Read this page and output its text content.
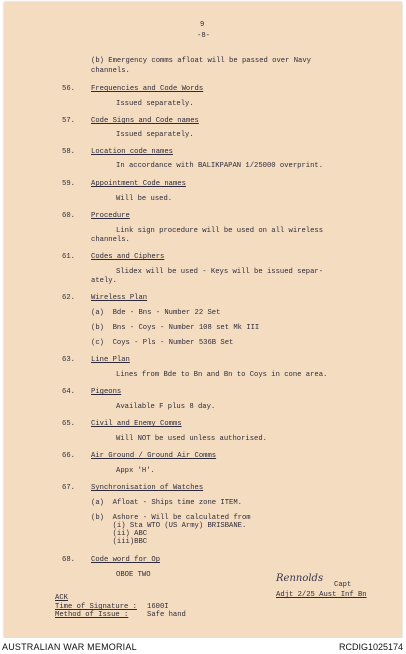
9
-8-
(b) Emergency comms afloat will be passed over Navy
channels.
56. Frequencies and Code Words
Issued separately.
57. Code Signs and Code names
Issued separately.
58. Location code names
In accordance with BALIKPAPAN 1/25000 overprint.
59. Appointment Code names
Will be used.
60. Procedure
Link sign procedure will be used on all wireless
channels.
61. Codes and Ciphers
Slidex will be used - Keys will be issued separ-
ately.
62. Wireless Plan
(a)  Bde - Bns - Number 22 Set
(b)  Bns - Coys - Number 108 set Mk III
(c)  Coys - Pls - Number 536B Set
63. Line Plan
Lines from Bde to Bn and Bn to Coys in cone area.
64. Pigeons
Available F plus 8 day.
65. Civil and Enemy Comms
Will NOT be used unless authorised.
66. Air Ground / Ground Air Comms
Appx 'H'.
67. Synchronisation of Watches
(a)  Afloat - Ships time zone ITEM.
(b)  Ashore - Will be calculated from
(i) Sta WTO (US Army) BRISBANE.
(ii) ABC
(iii)BBC
68. Code word for Op
OBOE TWO	Rennolds
Capt
Adjt 2/25 Aust Inf Bn
ACK
Time of Signature : 1600I
Method of Issue :	Safe hand
AUSTRALIAN WAR MEMORIAL	RCDIG1025174
